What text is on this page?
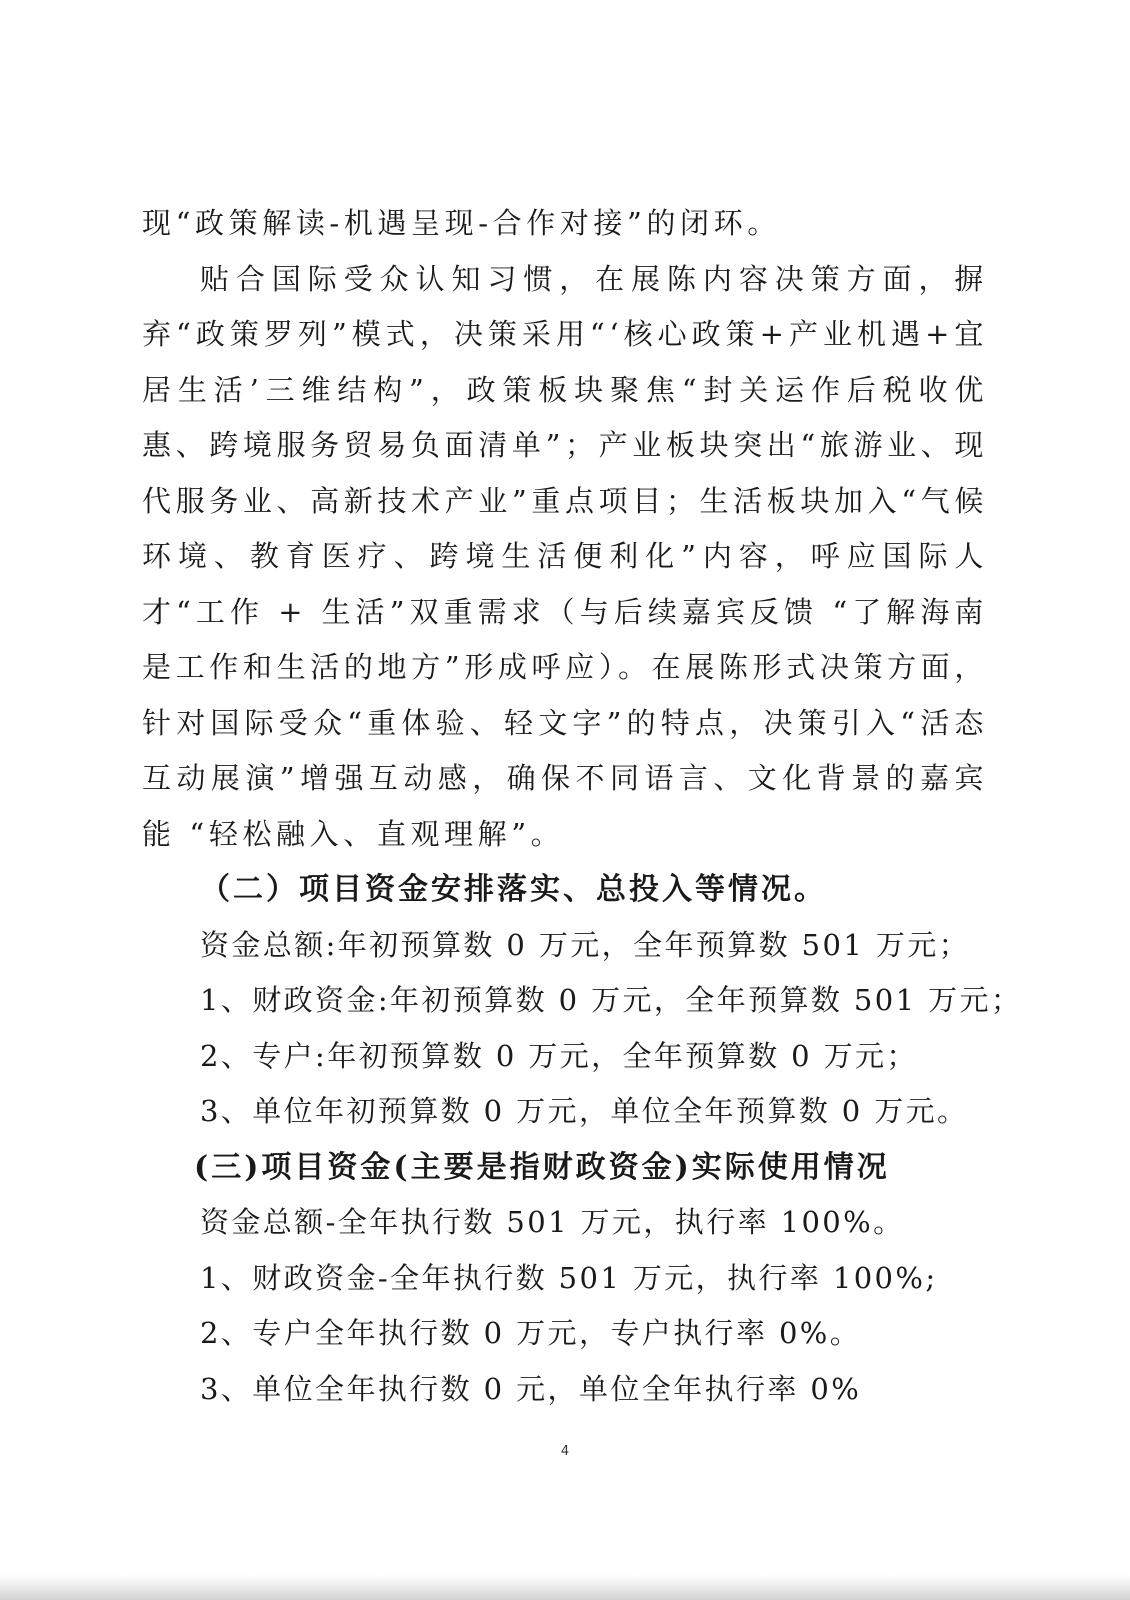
现“政策解读-机遇呈现-合作对接”的闭环。

贴合国际受众认知习惯，在展陈内容决策方面，摒弃“政策罗列”模式，决策采用“‘核心政策+产业机遇+宜居生活’三维结构”，政策板块聚焦“封关运作后税收优惠、跨境服务贸易负面清单”；产业板块突出“旅游业、现代服务业、高新技术产业”重点项目；生活板块加入“气候环境、教育医疗、跨境生活便利化”内容，呼应国际人才“工作 + 生活”双重需求（与后续嘉宾反馈 “了解海南是工作和生活的地方”形成呼应）。在展陈形式决策方面，针对国际受众“重体验、轻文字”的特点，决策引入“活态互动展演”增强互动感，确保不同语言、文化背景的嘉宾能 “轻松融入、直观理解”。

（二）项目资金安排落实、总投入等情况。
资金总额:年初预算数 0 万元，全年预算数 501 万元；
1、财政资金:年初预算数 0 万元，全年预算数 501 万元；
2、专户:年初预算数 0 万元，全年预算数 0 万元；
3、单位年初预算数 0 万元，单位全年预算数 0 万元。
(三)项目资金(主要是指财政资金)实际使用情况
资金总额-全年执行数 501 万元，执行率 100%。
1、财政资金-全年执行数 501 万元，执行率 100%;
2、专户全年执行数 0 万元，专户执行率 0%。
3、单位全年执行数 0 元，单位全年执行率 0%
4
